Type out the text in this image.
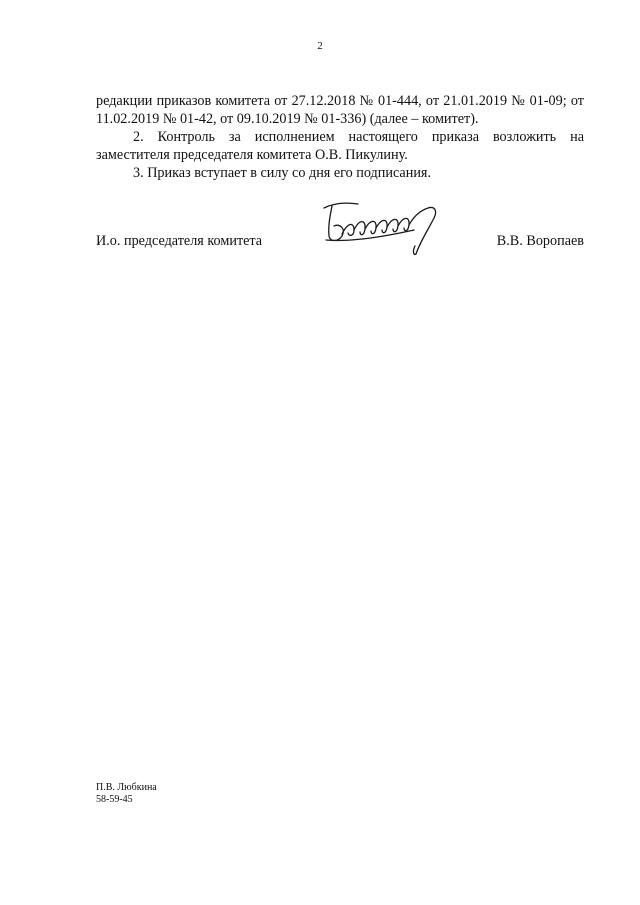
2

редакции приказов комитета от 27.12.2018 № 01-444, от 21.01.2019 № 01-09; от 11.02.2019 № 01-42, от 09.10.2019 № 01-336) (далее – комитет).

2. Контроль за исполнением настоящего приказа возложить на заместителя председателя комитета О.В. Пикулину.

3. Приказ вступает в силу со дня его подписания.

И.о. председателя комитета	В.В. Воропаев
П.В. Любкина
58-59-45
